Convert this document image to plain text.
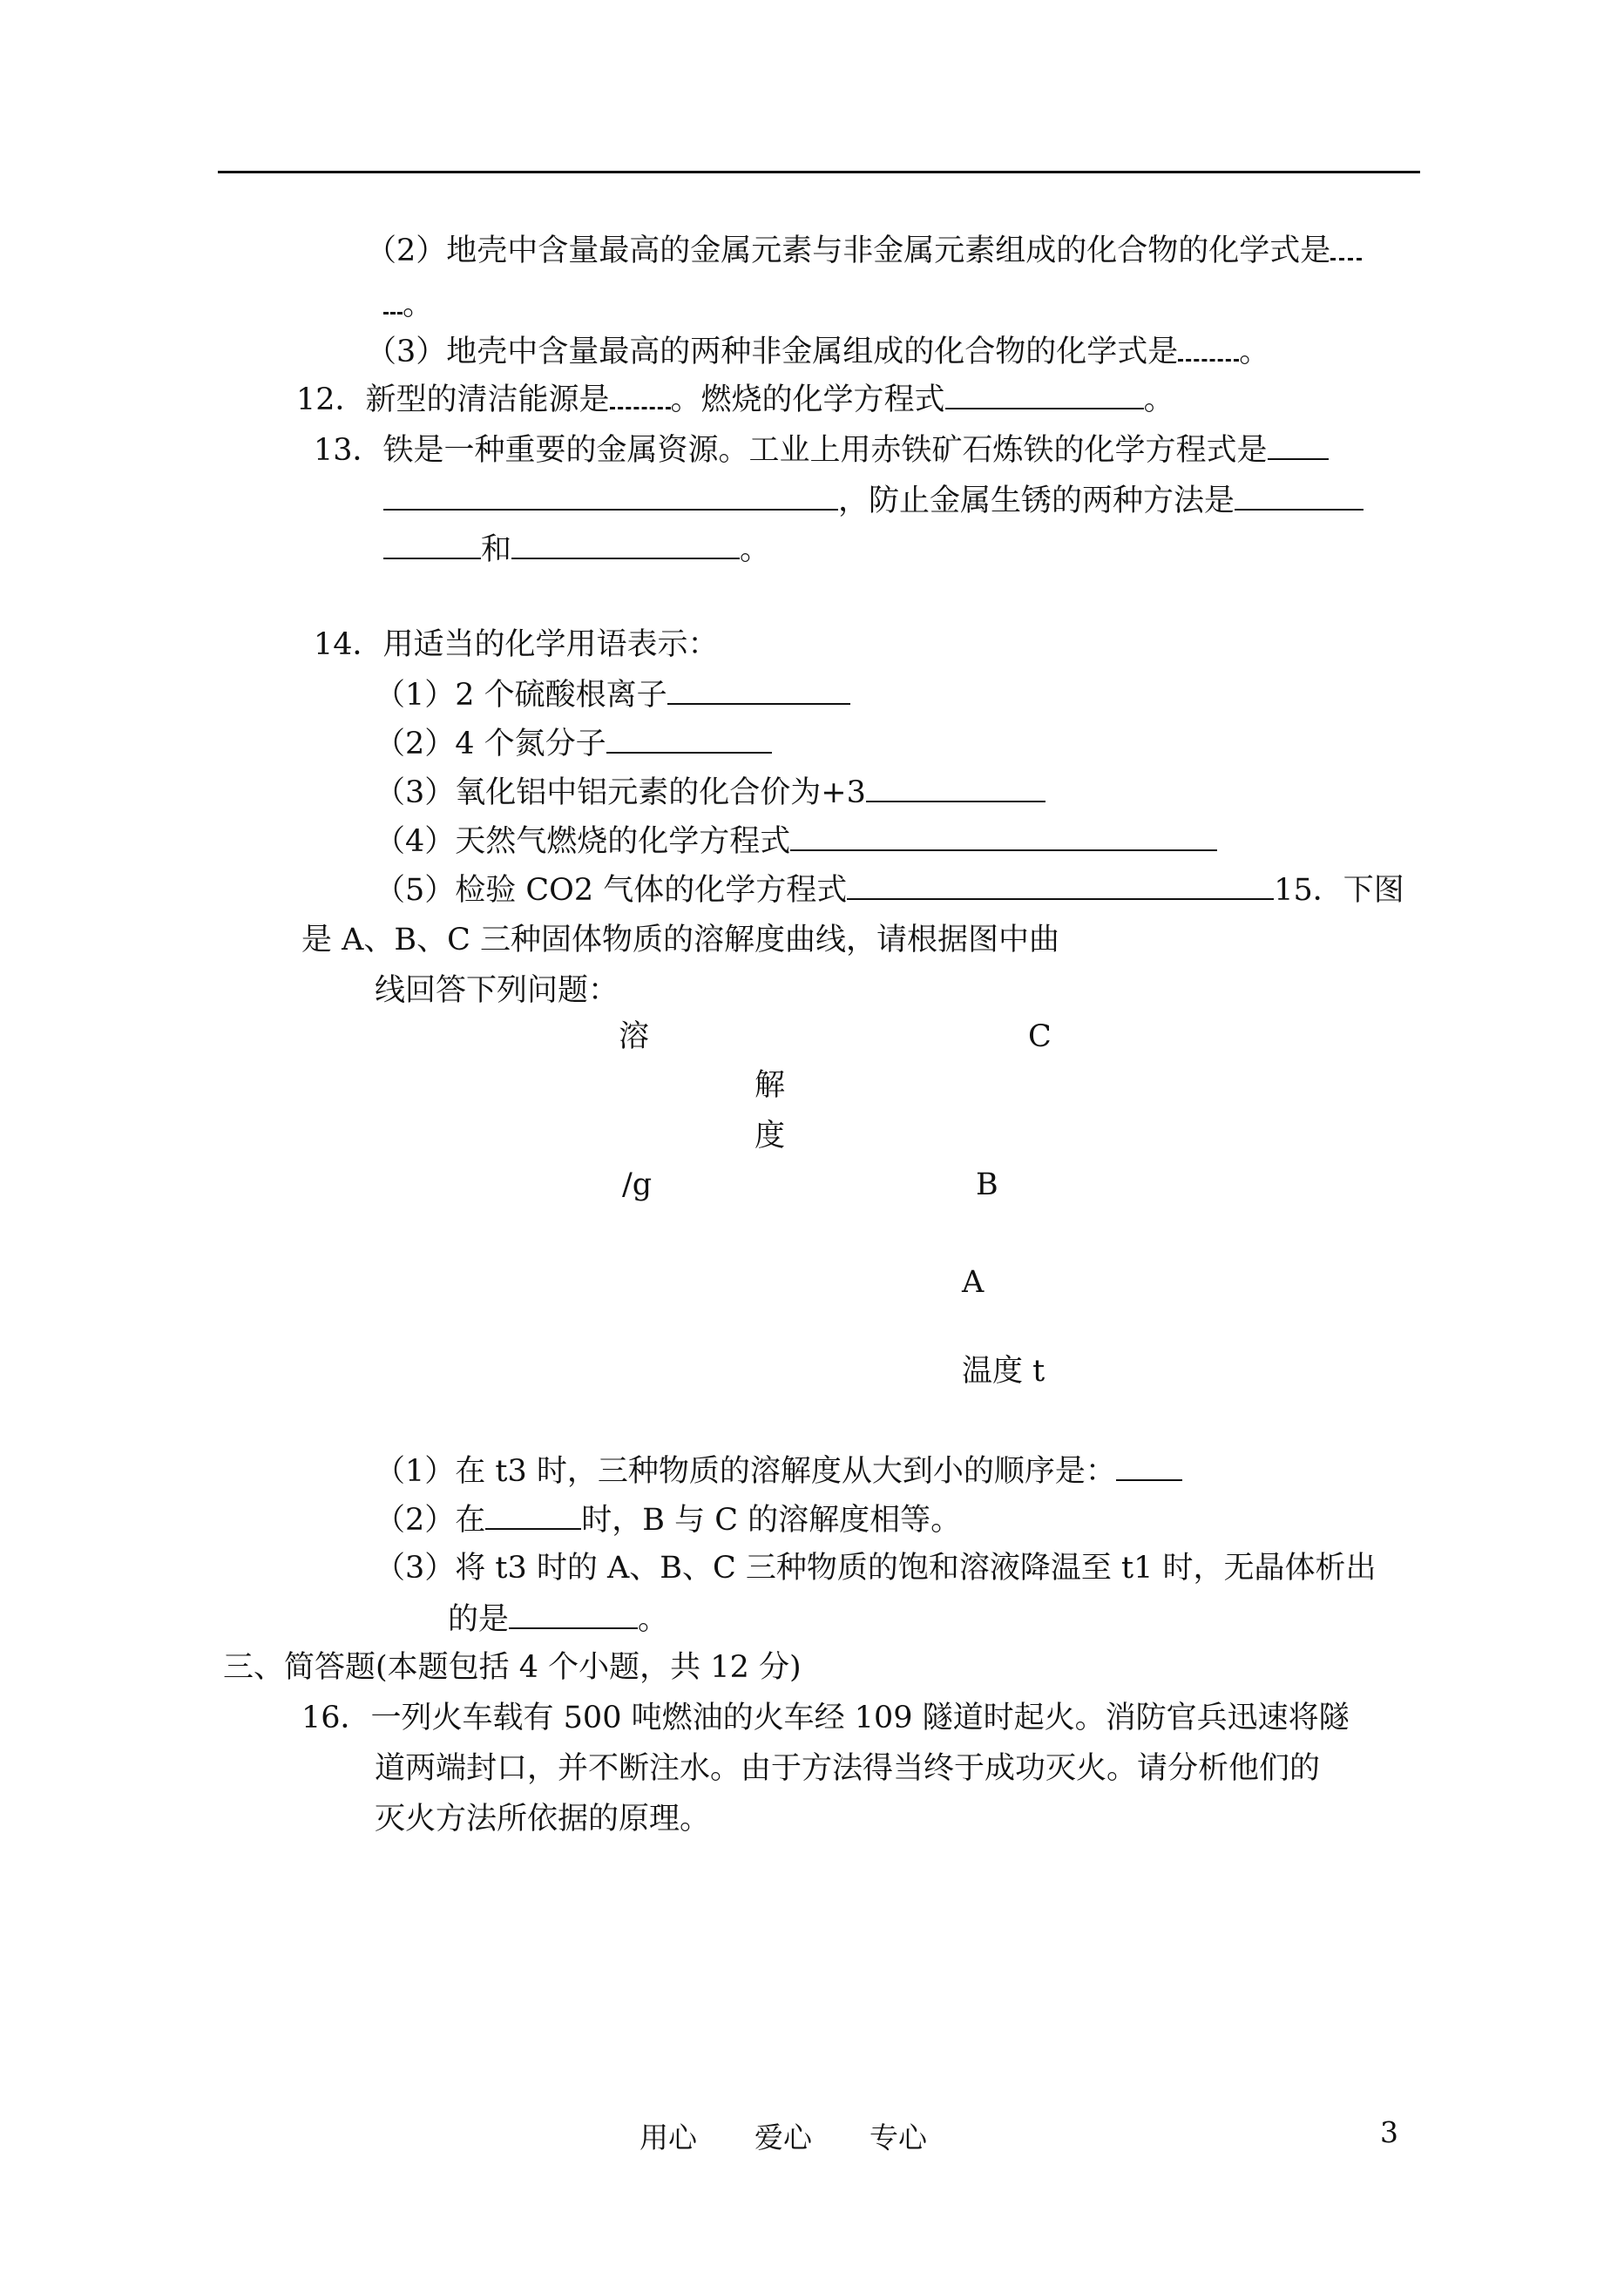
（2）地壳中含量最高的金属元素与非金属元素组成的化合物的化学式是
。
（3）地壳中含量最高的两种非金属组成的化合物的化学式是 。
12．新型的清洁能源是 。燃烧的化学方程式	。
13．铁是一种重要的金属资源。工业上用赤铁矿石炼铁的化学方程式是
，防止金属生锈的两种方法是
和	。
14．用适当的化学用语表示：
（1）2 个硫酸根离子
（2）4 个氮分子
（3）氧化铝中铝元素的化合价为+3
（4）天然气燃烧的化学方程式
（5）检验 CO2 气体的化学方程式	15．下图
是 A、B、C 三种固体物质的溶解度曲线，请根据图中曲
线回答下列问题：
溶
解
度
/g
C
B
A
温度 t
（1）在 t3 时，三种物质的溶解度从大到小的顺序是：
（2）在	时，B 与 C 的溶解度相等。
（3）将 t3 时的 A、B、C 三种物质的饱和溶液降温至 t1 时，无晶体析出
的是	。
三、简答题(本题包括 4 个小题，共 12 分)
16．一列火车载有 500 吨燃油的火车经 109 隧道时起火。消防官兵迅速将隧
道两端封口，并不断注水。由于方法得当终于成功灭火。请分析他们的
灭火方法所依据的原理。
用心　　爱心　　专心	3
